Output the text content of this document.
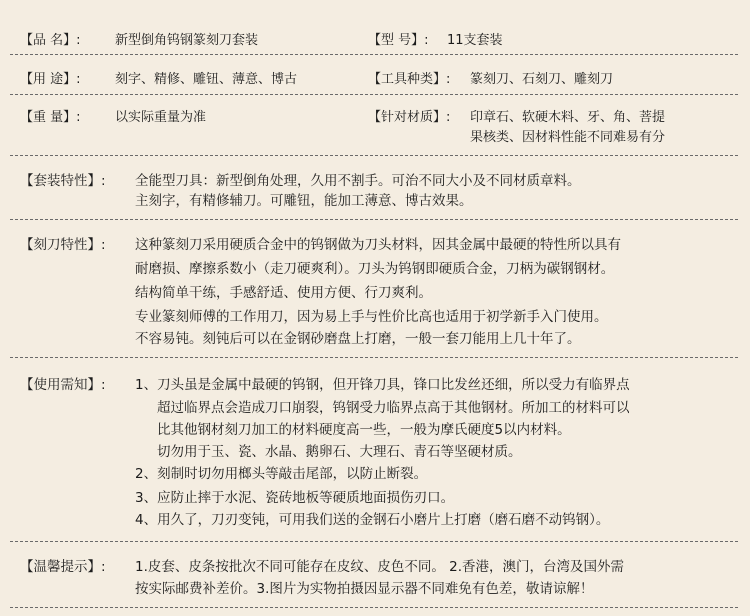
【品 名】:	新型倒角钨钢篆刻刀套装	【型 号】: 11支套装
【用 途】:	刻字、精修、雕钮、薄意、博古	【工具种类】: 篆刻刀、石刻刀、雕刻刀
【重 量】:	以实际重量为准	【针对材质】: 印章石、软硬木料、牙、角、菩提
果核类、因材料性能不同难易有分
【套装特性】: 全能型刀具：新型倒角处理，久用不割手。可治不同大小及不同材质章料。
主刻字，有精修辅刀。可雕钮，能加工薄意、博古效果。
【刻刀特性】: 这种篆刻刀采用硬质合金中的钨钢做为刀头材料，因其金属中最硬的特性所以具有
耐磨损、摩擦系数小（走刀硬爽利）。刀头为钨钢即硬质合金，刀柄为碳钢钢材。
结构简单干练，手感舒适、使用方便、行刀爽利。
专业篆刻师傅的工作用刀，因为易上手与性价比高也适用于初学新手入门使用。
不容易钝。刻钝后可以在金钢砂磨盘上打磨，一般一套刀能用上几十年了。
【使用需知】: 1、刀头虽是金属中最硬的钨钢，但开锋刀具，锋口比发丝还细，所以受力有临界点
超过临界点会造成刀口崩裂，钨钢受力临界点高于其他钢材。所加工的材料可以
比其他钢材刻刀加工的材料硬度高一些，一般为摩氏硬度5以内材料。
切勿用于玉、瓷、水晶、鹅卵石、大理石、青石等坚硬材质。
2、刻制时切勿用榔头等敲击尾部，以防止断裂。
3、应防止摔于水泥、瓷砖地板等硬质地面损伤刃口。
4、用久了，刀刃变钝，可用我们送的金钢石小磨片上打磨（磨石磨不动钨钢）。
【温馨提示】: 1.皮套、皮条按批次不同可能存在皮纹、皮色不同。 2.香港，澳门，台湾及国外需
按实际邮费补差价。3.图片为实物拍摄因显示器不同难免有色差，敬请谅解！
